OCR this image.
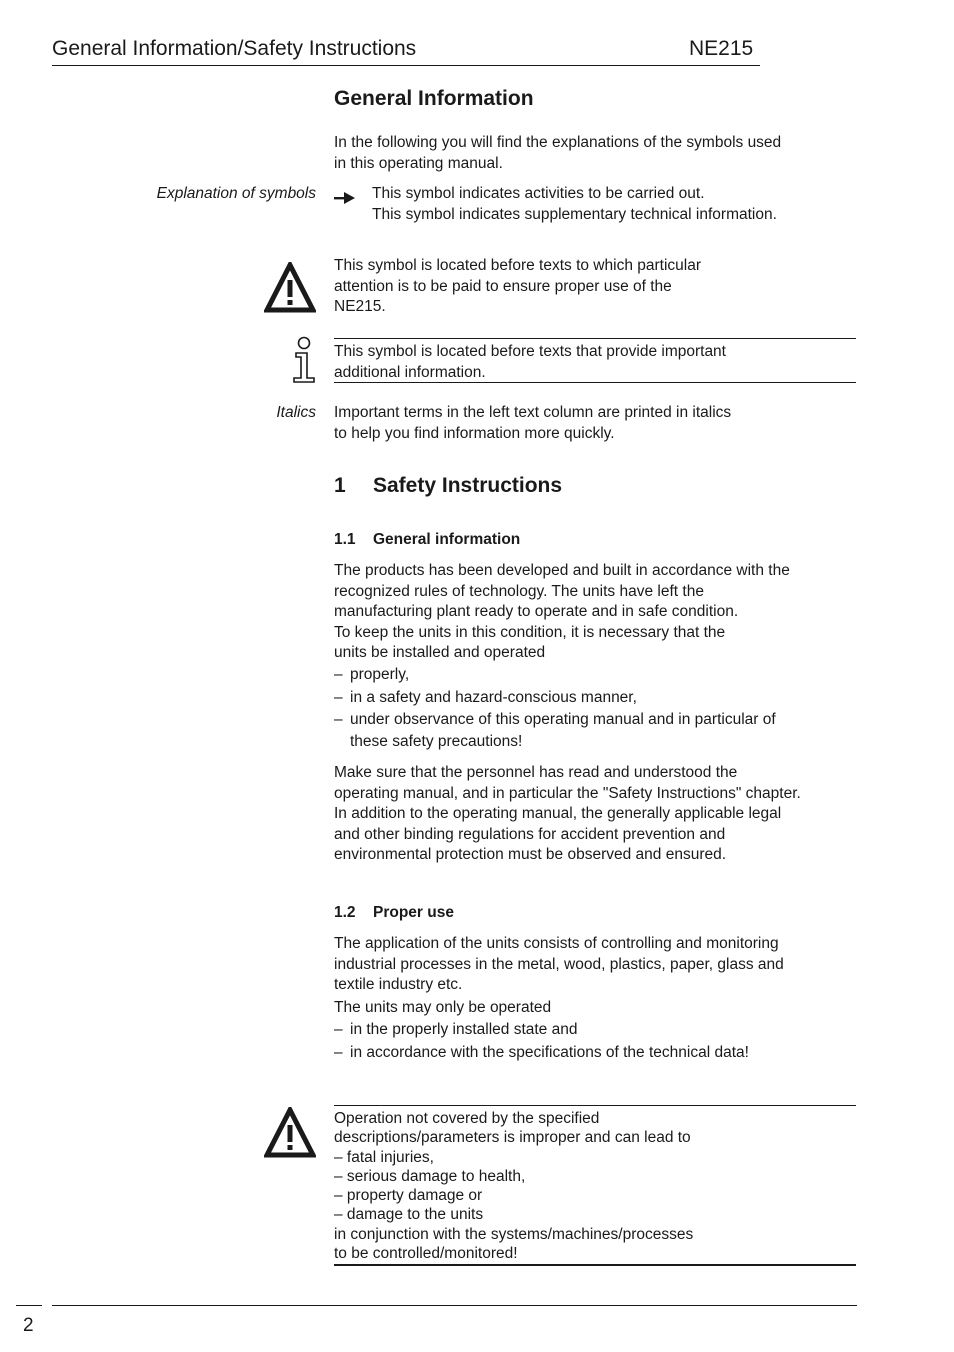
General Information/Safety Instructions	NE215
General Information
In the following you will find the explanations of the symbols used
in this operating manual.
Explanation of symbols	This symbol indicates activities to be carried out.
This symbol indicates supplementary technical information.
This symbol is located before texts to which particular
attention is to be paid to ensure proper use of the
NE215.
This symbol is located before texts that provide important
additional information.
Italics Important terms in the left text column are printed in italics
to help you find information more quickly.
1 Safety Instructions
1.1 General information
The products has been developed and built in accordance with the
recognized rules of technology. The units have left the
manufacturing plant ready to operate and in safe condition.
To keep the units in this condition, it is necessary that the
units be installed and operated
– properly,
– in a safety and hazard-conscious manner,
– under observance of this operating manual and in particular of
these safety precautions!
Make sure that the personnel has read and understood the
operating manual, and in particular the "Safety Instructions" chapter.
In addition to the operating manual, the generally applicable legal
and other binding regulations for accident prevention and
environmental protection must be observed and ensured.
1.2 Proper use
The application of the units consists of controlling and monitoring
industrial processes in the metal, wood, plastics, paper, glass and
textile industry etc.
The units may only be operated
– in the properly installed state and
– in accordance with the specifications of the technical data!
Operation not covered by the specified
descriptions/parameters is improper and can lead to
– fatal injuries,
– serious damage to health,
– property damage or
– damage to the units
in conjunction with the systems/machines/processes
to be controlled/monitored!
2
